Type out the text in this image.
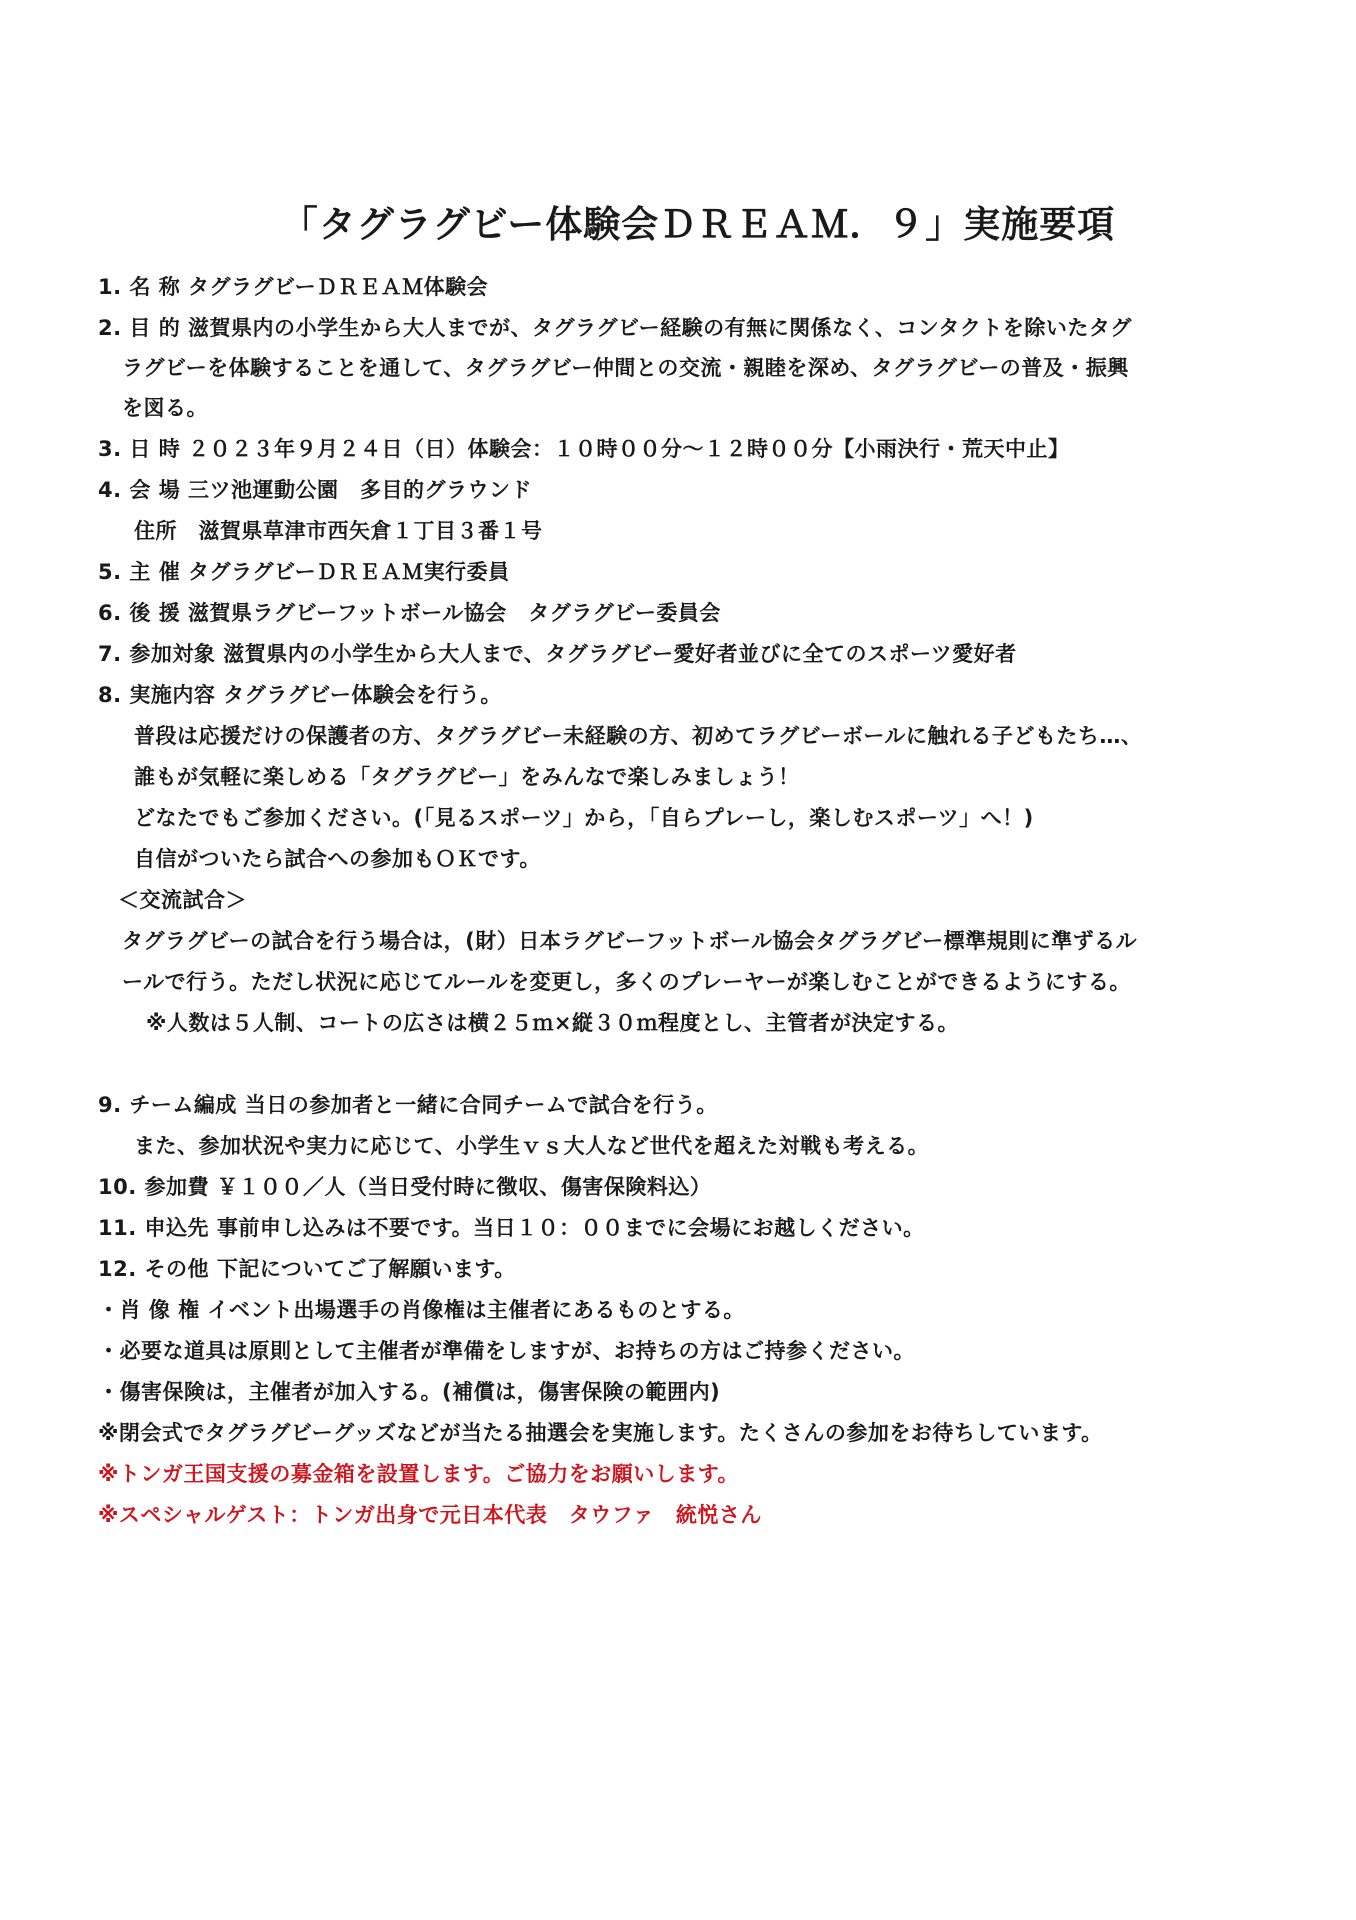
「タグラグビー体験会ＤＲＥＡＭ．９」実施要項
1. 名 称 タグラグビーＤＲＥＡＭ体験会
2. 目 的 滋賀県内の小学生から大人までが、タグラグビー経験の有無に関係なく、コンタクトを除いたタグ
ラグビーを体験することを通して、タグラグビー仲間との交流・親睦を深め、タグラグビーの普及・振興
を図る。
3. 日 時 ２０２３年９月２４日（日）体験会：１０時００分～１２時００分【小雨決行・荒天中止】
4. 会 場 三ツ池運動公園　多目的グラウンド
住所　滋賀県草津市西矢倉１丁目３番１号
5. 主 催 タグラグビーＤＲＥＡＭ実行委員
6. 後 援 滋賀県ラグビーフットボール協会　タグラグビー委員会
7. 参加対象 滋賀県内の小学生から大人まで、タグラグビー愛好者並びに全てのスポーツ愛好者
8. 実施内容 タグラグビー体験会を行う。
普段は応援だけの保護者の方、タグラグビー未経験の方、初めてラグビーボールに触れる子どもたち…、
誰もが気軽に楽しめる「タグラグビー」をみんなで楽しみましょう！
どなたでもご参加ください。(「見るスポーツ」から，「自らプレーし，楽しむスポーツ」へ！)
自信がついたら試合への参加もＯＫです。
＜交流試合＞
タグラグビーの試合を行う場合は，(財）日本ラグビーフットボール協会タグラグビー標準規則に準ずるル
ールで行う。ただし状況に応じてルールを変更し，多くのプレーヤーが楽しむことができるようにする。
※人数は５人制、コートの広さは横２５ｍ×縦３０ｍ程度とし、主管者が決定する。
9. チーム編成 当日の参加者と一緒に合同チームで試合を行う。
また、参加状況や実力に応じて、小学生ｖｓ大人など世代を超えた対戦も考える。
10. 参加費 ￥１００／人（当日受付時に徴収、傷害保険料込）
11. 申込先 事前申し込みは不要です。当日１０：００までに会場にお越しください。
12. その他 下記についてご了解願います。
・肖 像 権 イベント出場選手の肖像権は主催者にあるものとする。
・必要な道具は原則として主催者が準備をしますが、お持ちの方はご持参ください。
・傷害保険は，主催者が加入する。(補償は，傷害保険の範囲内)
※閉会式でタグラグビーグッズなどが当たる抽選会を実施します。たくさんの参加をお待ちしています。
※トンガ王国支援の募金箱を設置します。ご協力をお願いします。
※スペシャルゲスト：トンガ出身で元日本代表　タウファ　統悦さん
